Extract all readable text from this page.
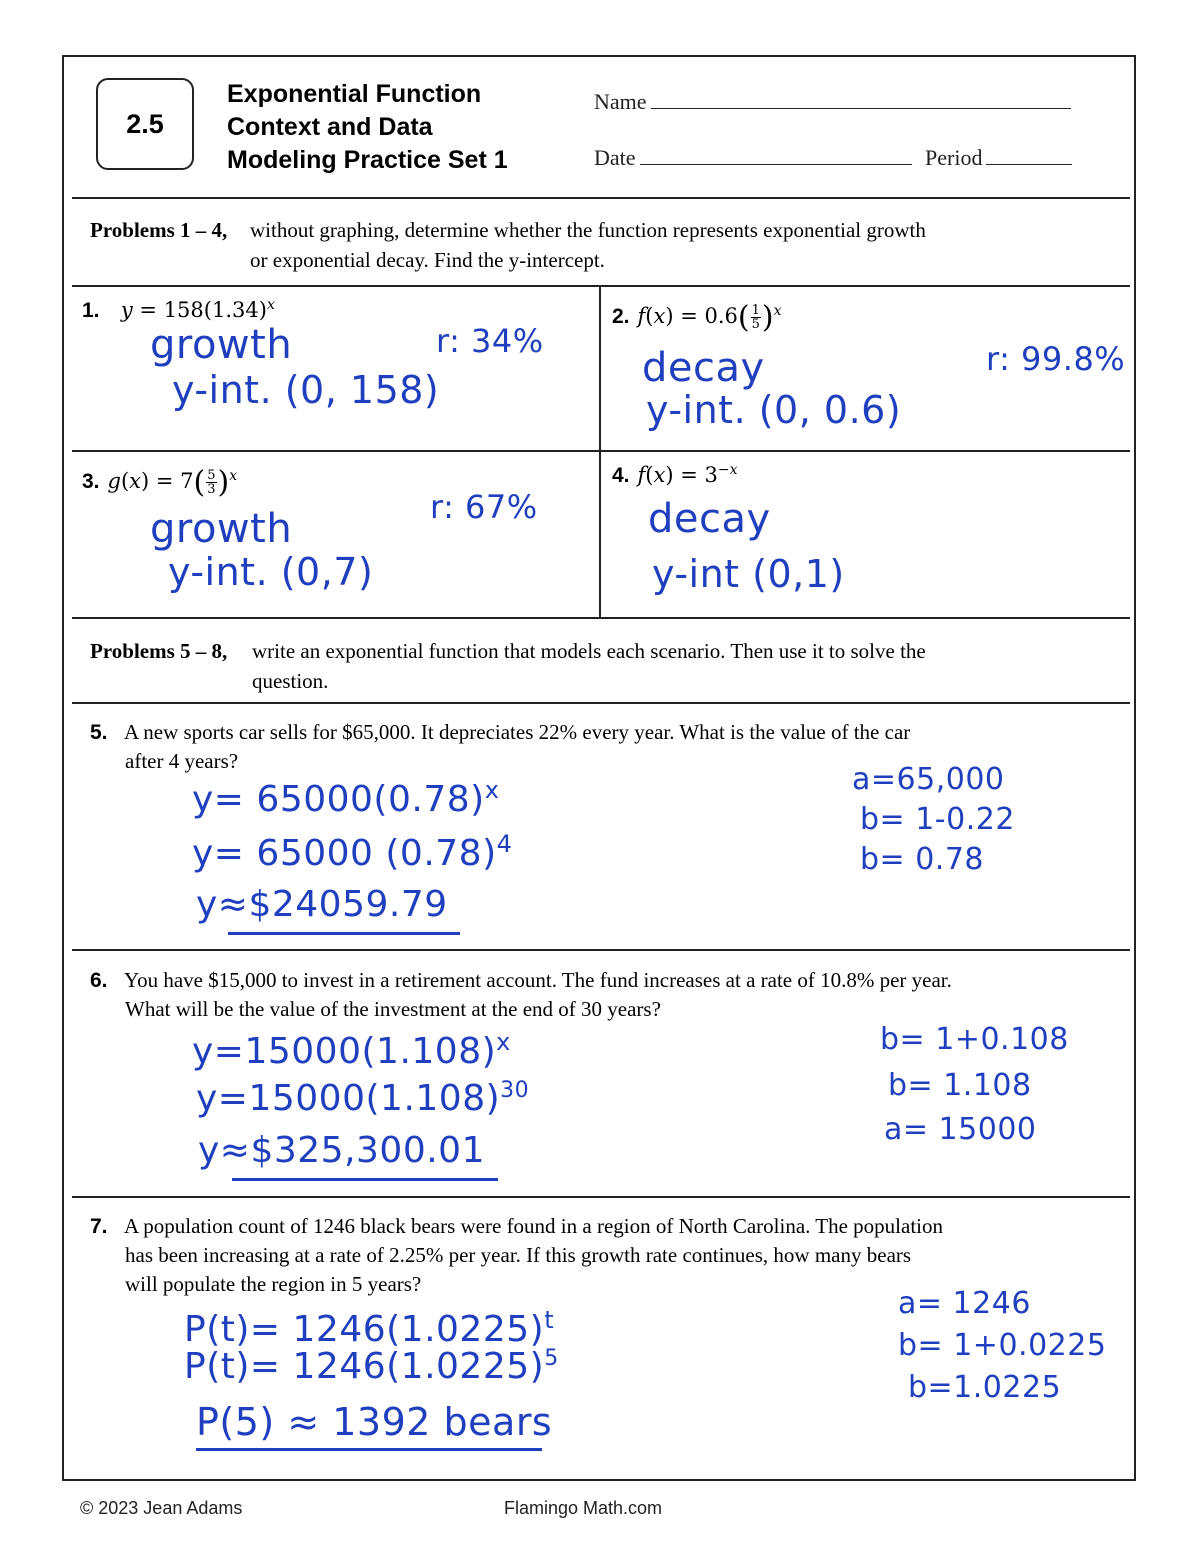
2.5
Exponential Function
Context and Data
Modeling Practice Set 1
Name
Date	Period
Problems 1 – 4, without graphing, determine whether the function represents exponential growth
or exponential decay. Find the y-intercept.
1. $y = 158(1.34)^x$
growth
y-int. (0, 158)
r: 34%
2. $f(x) = 0.6( \frac{1}{5} )^x$
decay
y-int. (0, 0.6)
r: 99.8%
3. $g(x) = 7( \frac{5}{3} )^x$
growth
y-int. (0,7)
r: 67%
4. $f(x) = 3^{-x}$
decay
y-int (0,1)
Problems 5 – 8, write an exponential function that models each scenario. Then use it to solve the
question.
5. A new sports car sells for $65,000. It depreciates 22% every year. What is the value of the car
after 4 years?
$y= 65000(0.78)^x$
y= 65000 $(0.78)^4$
y≈$24059.79
a=65,000
b= 1-0.22
b= 0.78
6. You have $15,000 to invest in a retirement account. The fund increases at a rate of 10.8% per year.
What will be the value of the investment at the end of 30 years?
$y=15000(1.108)^x$
$y=15000(1.108)^{30}$
y≈$325,300.01
b= 1+0.108
b= 1.108
a= 15000
7. A population count of 1246 black bears were found in a region of North Carolina. The population
has been increasing at a rate of 2.25% per year. If this growth rate continues, how many bears
will populate the region in 5 years?
$P(t)= 1246(1.0225)^t$
$P(t)= 1246(1.0225)^5$
P(5) ≈ 1392 bears
a= 1246
b= 1+0.0225
b=1.0225
© 2023 Jean Adams	Flamingo Math.com
